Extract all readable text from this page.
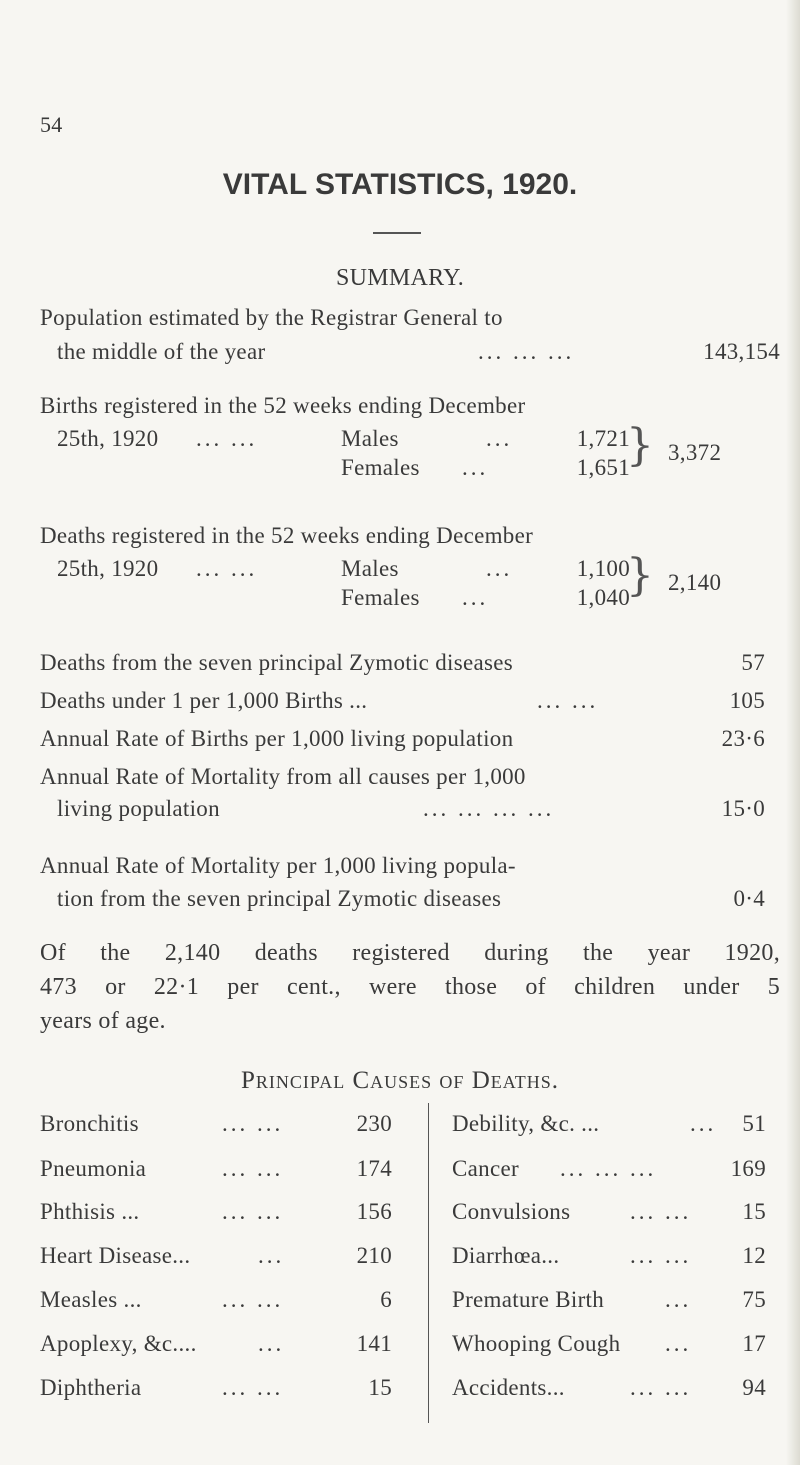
54
VITAL STATISTICS, 1920.
SUMMARY.
Population estimated by the Registrar General to
the middle of the year	... ... ...	143,154
Births registered in the 52 weeks ending December
25th, 1920 ... ...	Males	...	1,721
Females ...	1,651
} 3,372
Deaths registered in the 52 weeks ending December
25th, 1920 ... ...	Males	...	1,100
Females ...	1,040
} 2,140
Deaths from the seven principal Zymotic diseases	57
Deaths under 1 per 1,000 Births ...	... ...	105
Annual Rate of Births per 1,000 living population	23·6
Annual Rate of Mortality from all causes per 1,000
living population	... ... ... ...	15·0
Annual Rate of Mortality per 1,000 living popula-
tion from the seven principal Zymotic diseases	0·4
Of the 2,140 deaths registered during the year 1920,
473 or 22·1 per cent., were those of children under 5
years of age.
Principal Causes of Deaths.
Bronchitis	... ...	230
Pneumonia	... ...	174
Phthisis ...	... ...	156
Heart Disease...	...	210
Measles ...	... ...	6
Apoplexy, &c....	...	141
Diphtheria	... ...	15
Debility, &c. ...	...	51
Cancer ... ... ...	169
Convulsions	... ...	15
Diarrhœa...	... ...	12
Premature Birth	...	75
Whooping Cough ...	17
Accidents...	... ...	94
